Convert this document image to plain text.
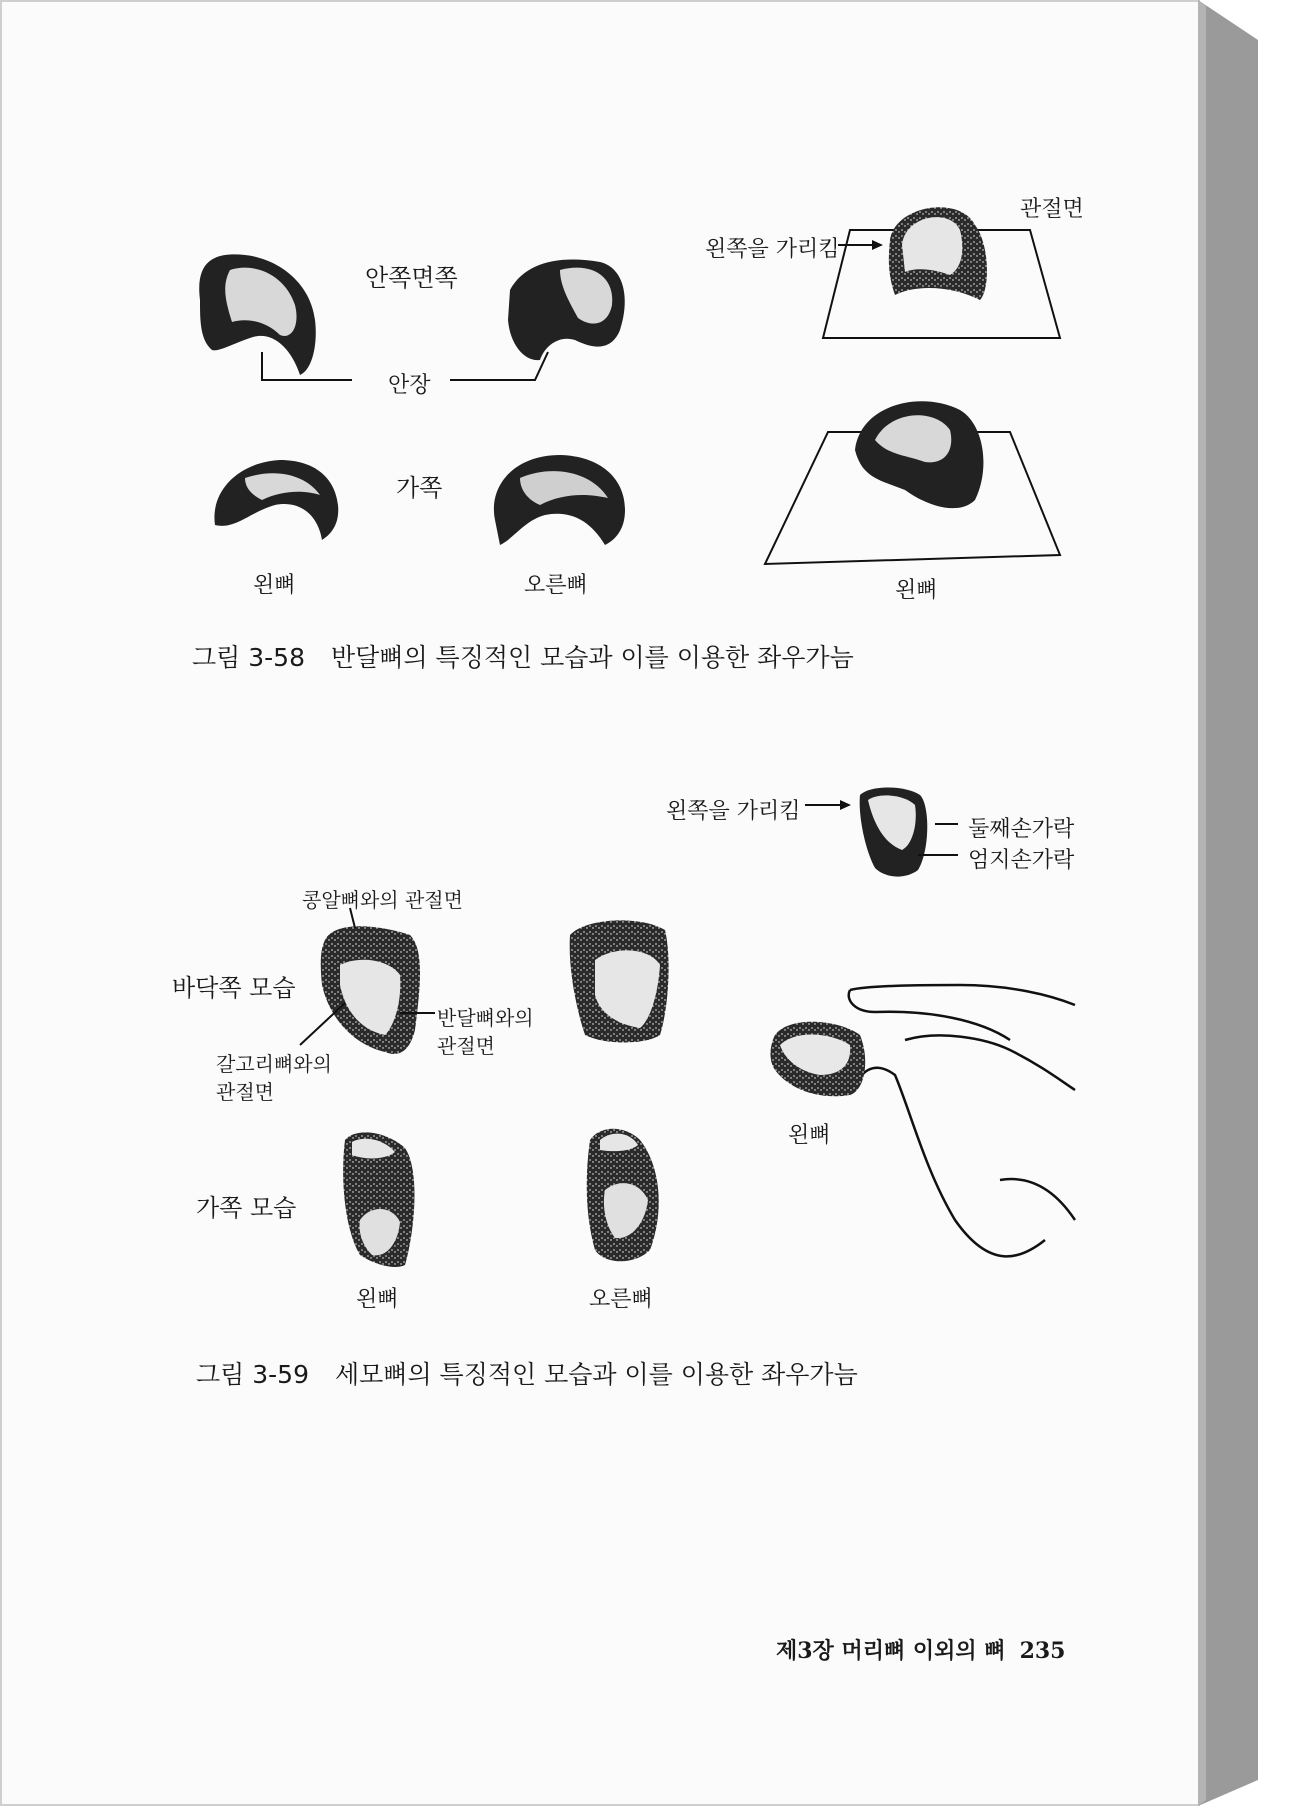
안쪽면쪽
안장
가쪽
왼뼈	오른뼈
관절면
왼쪽을 가리킴
왼뼈
그림 3-58 반달뼈의 특징적인 모습과 이를 이용한 좌우가늠
왼쪽을 가리킴
둘째손가락
엄지손가락
콩알뼈와의 관절면
바닥쪽 모습
반달뼈와의
관절면
갈고리뼈와의
관절면
가쪽 모습
왼뼈	오른뼈
왼뼈
그림 3-59 세모뼈의 특징적인 모습과 이를 이용한 좌우가늠
제3장 머리뼈 이외의 뼈 235
